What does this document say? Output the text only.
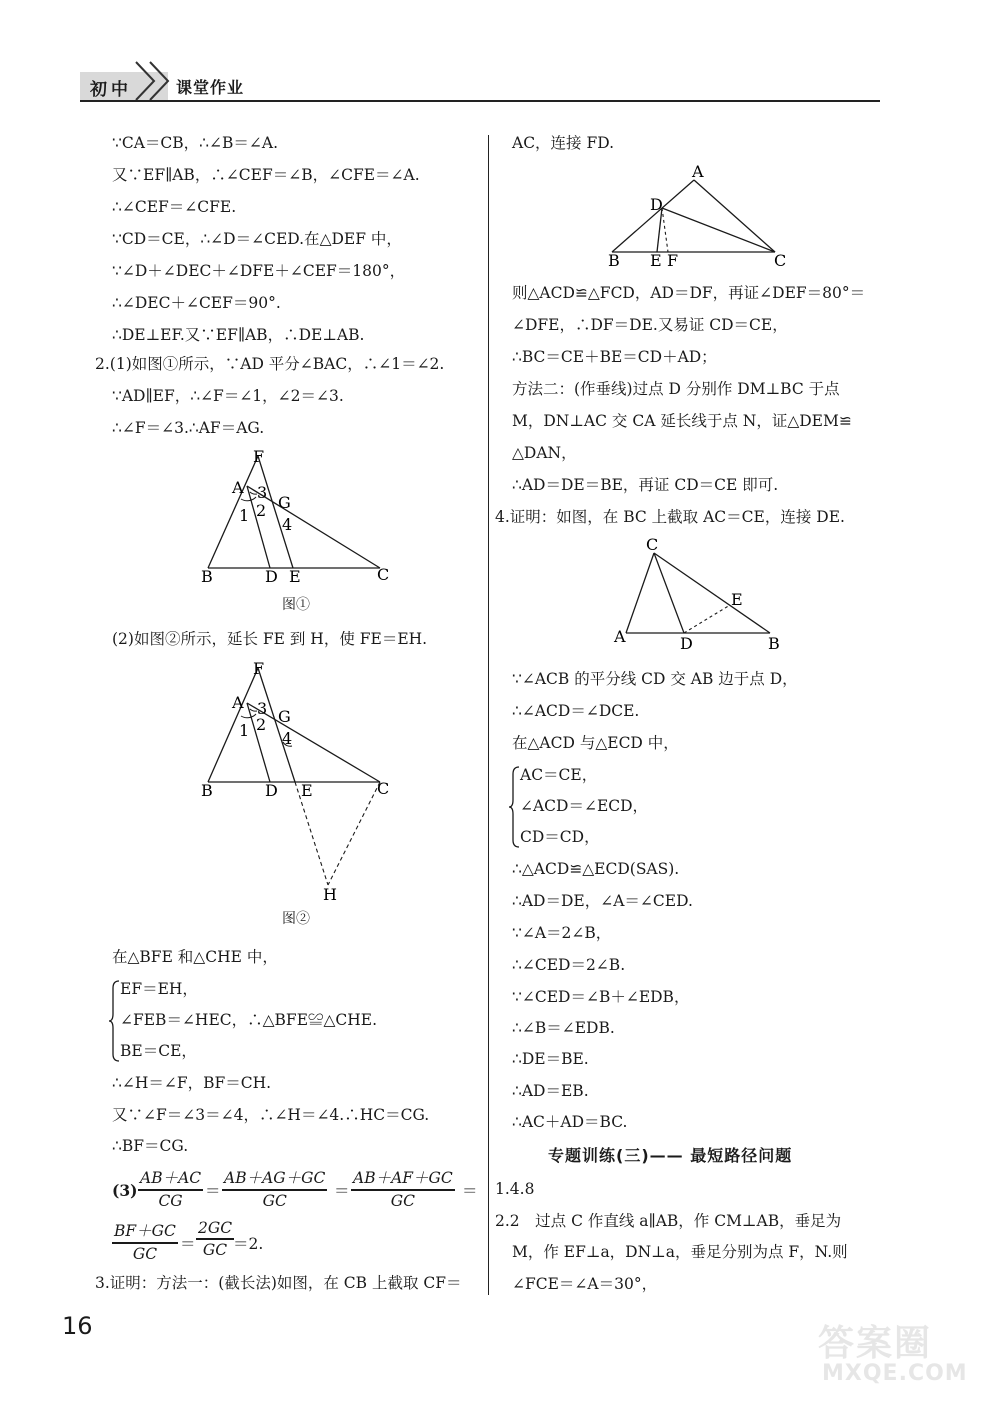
初中	课堂作业
∵CA＝CB，∴∠B＝∠A.
又∵EF∥AB，∴∠CEF＝∠B，∠CFE＝∠A.
∴∠CEF＝∠CFE.
∵CD＝CE，∴∠D＝∠CED.在△DEF 中，
∵∠D＋∠DEC＋∠DFE＋∠CEF＝180°，
∴∠DEC＋∠CEF＝90°.
∴DE⊥EF.又∵EF∥AB，∴DE⊥AB.
2.(1)如图①所示，∵AD 平分∠BAC，∴∠1＝∠2.
∵AD∥EF，∴∠F＝∠1，∠2＝∠3.
∴∠F＝∠3.∴AF＝AG.
F
A 3
G
1 2
4
B	D E	C
图①
(2)如图②所示，延长 FE 到 H，使 FE＝EH.
F
A 3 G
1 2
4
B	D E	C
H
图②
在△BFE 和△CHE 中，
EF＝EH，
∠FEB＝∠HEC，∴△BFE≌△CHE.
BE＝CE，
∴∠H＝∠F，BF＝CH.
又∵∠F＝∠3＝∠4，∴∠H＝∠4.∴HC＝CG.
∴BF＝CG.
(3)
AB＋AC
CG
＝
AB＋AG＋GC
GC
＝
AB＋AF＋GC
GC
＝
BF＋GC
GC
＝
2GC
GC ＝2.
3.证明：方法一：(截长法)如图，在 CB 上截取 CF＝
AC，连接 FD.
A
D
B E F	C
则△ACD≌△FCD，AD＝DF，再证∠DEF＝80°＝
∠DFE，∴DF＝DE.又易证 CD＝CE，
∴BC＝CE＋BE＝CD＋AD；
方法二：(作垂线)过点 D 分别作 DM⊥BC 于点
M，DN⊥AC 交 CA 延长线于点 N，证△DEM≌
△DAN，
∴AD＝DE＝BE，再证 CD＝CE 即可.
4.证明：如图，在 BC 上截取 AC＝CE，连接 DE.
C
E
A	D	B
∵∠ACB 的平分线 CD 交 AB 边于点 D，
∴∠ACD＝∠DCE.
在△ACD 与△ECD 中，
AC＝CE，
∠ACD＝∠ECD，
CD＝CD，
∴△ACD≌△ECD(SAS).
∴AD＝DE，∠A＝∠CED.
∵∠A＝2∠B，
∴∠CED＝2∠B.
∵∠CED＝∠B＋∠EDB，
∴∠B＝∠EDB.
∴DE＝BE.
∴AD＝EB.
∴AC＋AD＝BC.
专题训练(三)—— 最短路径问题
1.4.8
2.2　过点 C 作直线 a∥AB，作 CM⊥AB，垂足为
M，作 EF⊥a，DN⊥a，垂足分别为点 F，N.则
∠FCE＝∠A＝30°，
16	答案圈
MXQE.COM
